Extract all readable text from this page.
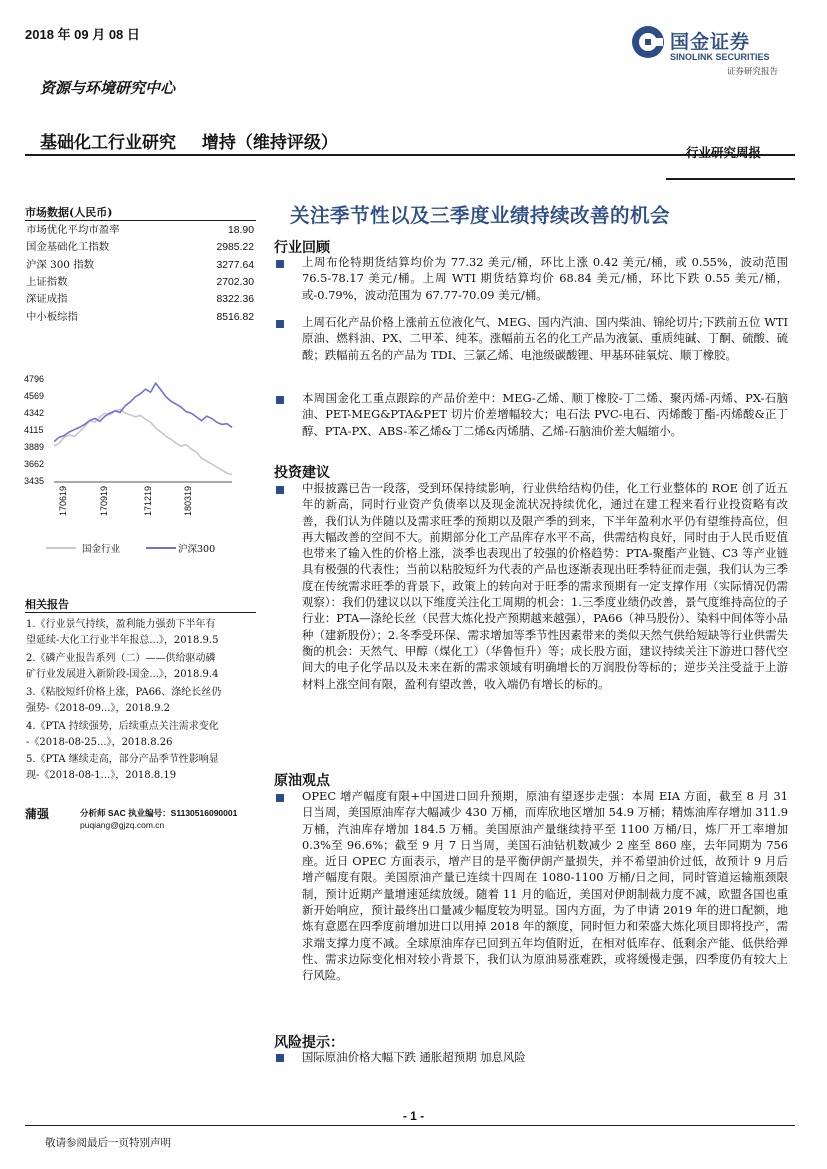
2018 年 09 月 08 日
资源与环境研究中心
国金证券
SINOLINK SECURITIES
证券研究报告
基础化工行业研究 增持（维持评级）	行业研究周报
市场数据(人民币)
市场优化平均市盈率	18.90
国金基础化工指数	2985.22
沪深 300 指数	3277.64
上证指数	2702.30
深证成指	8322.36
中小板综指	8516.82
4796
4569
4342
4115
3889
3662
3435
170619	170919	171219	180319
国金行业	沪深300
相关报告
1.《行业景气持续，盈利能力强劲下半年有
望延续-大化工行业半年报总...》，2018.9.5
2.《磷产业报告系列（二）——供给驱动磷
矿行业发展进入新阶段-国金...》，2018.9.4
3.《粘胶短纤价格上涨，PA66、涤纶长丝仍
强势-《2018-09...》，2018.9.2
4.《PTA 持续强势，后续重点关注需求变化
-《2018-08-25...》，2018.8.26
5.《PTA 继续走高，部分产品季节性影响显
现-《2018-08-1...》，2018.8.19
蒲强	分析师 SAC 执业编号：S1130516090001
puqiang@gjzq.com.cn
关注季节性以及三季度业绩持续改善的机会
行业回顾
上周布伦特期货结算均价为 77.32 美元/桶，环比上涨 0.42 美元/桶，或 0.55%，波动范围 76.5-78.17 美元/桶。上周 WTI 期货结算均价 68.84 美元/桶，环比下跌 0.55 美元/桶，或-0.79%，波动范围为 67.77-70.09 美元/桶。
上周石化产品价格上涨前五位液化气、MEG、国内汽油、国内柴油、锦纶切片;下跌前五位 WTI 原油、燃料油、PX、二甲苯、纯苯。涨幅前五名的化工产品为液氯、重质纯碱、丁酮、硫酸、硫酸；跌幅前五名的产品为 TDI、三氯乙烯、电池级碳酸锂、甲基环硅氧烷、顺丁橡胶。
本周国金化工重点跟踪的产品价差中：MEG-乙烯、顺丁橡胶-丁二烯、聚丙烯-丙烯、PX-石脑油、PET-MEG&PTA&PET 切片价差增幅较大；电石法 PVC-电石、丙烯酸丁酯-丙烯酸&正丁醇、PTA-PX、ABS-苯乙烯&丁二烯&丙烯腈、乙烯-石脑油价差大幅缩小。
投资建议
中报披露已告一段落，受到环保持续影响，行业供给结构仍佳，化工行业整体的 ROE 创了近五年的新高，同时行业资产负债率以及现金流状况持续优化，通过在建工程来看行业投资略有改善，我们认为伴随以及需求旺季的预期以及限产季的到来，下半年盈利水平仍有望维持高位，但再大幅改善的空间不大。前期部分化工产品库存水平不高，供需结构良好，同时由于人民币贬值也带来了输入性的价格上涨，淡季也表现出了较强的价格趋势：PTA-聚酯产业链、C3 等产业链具有极强的代表性；当前以粘胶短纤为代表的产品也逐渐表现出旺季特征而走强，我们认为三季度在传统需求旺季的背景下，政策上的转向对于旺季的需求预期有一定支撑作用（实际情况仍需观察）：我们仍建议以以下维度关注化工周期的机会：1.三季度业绩仍改善，景气度维持高位的子行业：PTA—涤纶长丝（民营大炼化投产预期越来越强），PA66（神马股份）、染料中间体等小品种（建新股份）；2.冬季受环保、需求增加等季节性因素带来的类似天然气供给短缺等行业供需失衡的机会：天然气、甲醇（煤化工）（华鲁恒升）等；成长股方面，建议持续关注下游进口替代空间大的电子化学品以及未来在新的需求领域有明确增长的万润股份等标的；逆步关注受益于上游材料上涨空间有限，盈利有望改善，收入端仍有增长的标的。
原油观点
OPEC 增产幅度有限+中国进口回升预期，原油有望逐步走强：本周 EIA 方面，截至 8 月 31 日当周，美国原油库存大幅减少 430 万桶，而库欣地区增加 54.9 万桶；精炼油库存增加 311.9 万桶，汽油库存增加 184.5 万桶。美国原油产量继续持平至 1100 万桶/日，炼厂开工率增加 0.3%至 96.6%；截至 9 月 7 日当周，美国石油钻机数减少 2 座至 860 座，去年同期为 756 座。近日 OPEC 方面表示，增产目的是平衡伊朗产量损失，并不希望油价过低，故预计 9 月后增产幅度有限。美国原油产量已连续十四周在 1080-1100 万桶/日之间，同时管道运输瓶颈限制，预计近期产量增速延续放缓。随着 11 月的临近，美国对伊朗制裁力度不减，欧盟各国也重新开始响应，预计最终出口量减少幅度较为明显。国内方面，为了申请 2019 年的进口配额，地炼有意愿在四季度前增加进口以用掉 2018 年的额度，同时恒力和荣盛大炼化项目即将投产，需求端支撑力度不减。全球原油库存已回到五年均值附近，在相对低库存、低剩余产能、低供给弹性、需求边际变化相对较小背景下，我们认为原油易涨难跌，或将缓慢走强，四季度仍有较大上行风险。
风险提示：
国际原油价格大幅下跌 通胀超预期 加息风险
- 1 -
敬请参阅最后一页特别声明
